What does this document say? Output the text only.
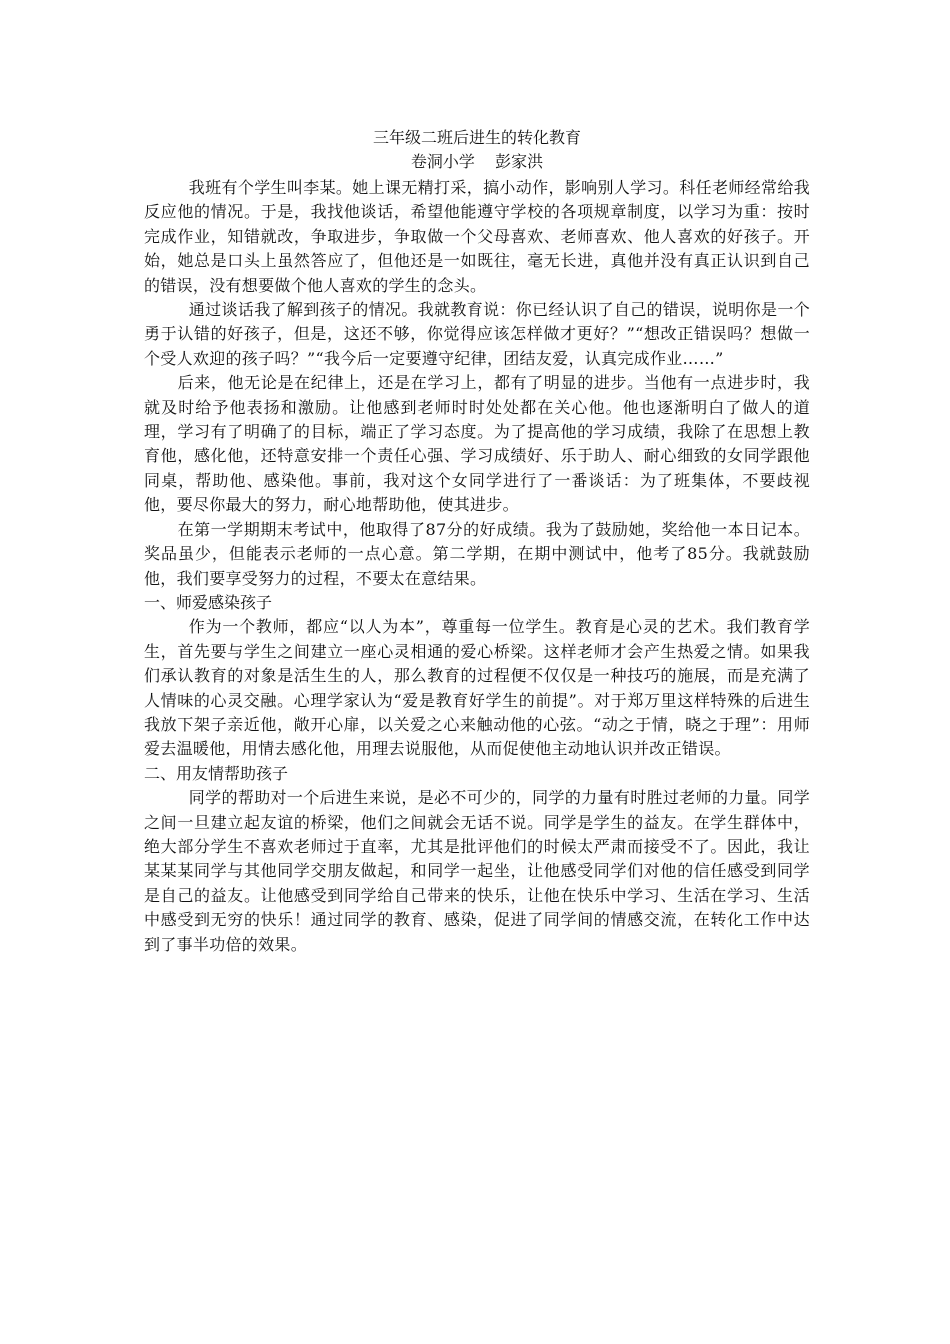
三年级二班后进生的转化教育

卷洞小学    彭家洪

我班有个学生叫李某。她上课无精打采，搞小动作，影响别人学习。科任老师经常给我反应他的情况。于是，我找他谈话，希望他能遵守学校的各项规章制度，以学习为重：按时完成作业，知错就改，争取进步，争取做一个父母喜欢、老师喜欢、他人喜欢的好孩子。开始，她总是口头上虽然答应了，但他还是一如既往，毫无长进，真他并没有真正认识到自己的错误，没有想要做个他人喜欢的学生的念头。

通过谈话我了解到孩子的情况。我就教育说：你已经认识了自己的错误，说明你是一个勇于认错的好孩子，但是，这还不够，你觉得应该怎样做才更好？”“想改正错误吗？想做一个受人欢迎的孩子吗？”“我今后一定要遵守纪律，团结友爱，认真完成作业……”

后来，他无论是在纪律上，还是在学习上，都有了明显的进步。当他有一点进步时，我就及时给予他表扬和激励。让他感到老师时时处处都在关心他。他也逐渐明白了做人的道理，学习有了明确了的目标，端正了学习态度。为了提高他的学习成绩，我除了在思想上教育他，感化他，还特意安排一个责任心强、学习成绩好、乐于助人、耐心细致的女同学跟他同桌，帮助他、感染他。事前，我对这个女同学进行了一番谈话：为了班集体，不要歧视他，要尽你最大的努力，耐心地帮助他，使其进步。

在第一学期期末考试中，他取得了87分的好成绩。我为了鼓励她，奖给他一本日记本。奖品虽少，但能表示老师的一点心意。第二学期，在期中测试中，他考了85分。我就鼓励他，我们要享受努力的过程，不要太在意结果。

一、师爱感染孩子

作为一个教师，都应“以人为本”，尊重每一位学生。教育是心灵的艺术。我们教育学生，首先要与学生之间建立一座心灵相通的爱心桥梁。这样老师才会产生热爱之情。如果我们承认教育的对象是活生生的人，那么教育的过程便不仅仅是一种技巧的施展，而是充满了人情味的心灵交融。心理学家认为“爱是教育好学生的前提”。对于郑万里这样特殊的后进生我放下架子亲近他，敞开心扉，以关爱之心来触动他的心弦。“动之于情，晓之于理”：用师爱去温暖他，用情去感化他，用理去说服他，从而促使他主动地认识并改正错误。

二、用友情帮助孩子

同学的帮助对一个后进生来说，是必不可少的，同学的力量有时胜过老师的力量。同学之间一旦建立起友谊的桥梁，他们之间就会无话不说。同学是学生的益友。在学生群体中，绝大部分学生不喜欢老师过于直率，尤其是批评他们的时候太严肃而接受不了。因此，我让某某某同学与其他同学交朋友做起，和同学一起坐，让他感受同学们对他的信任感受到同学是自己的益友。让他感受到同学给自己带来的快乐，让他在快乐中学习、生活在学习、生活中感受到无穷的快乐！通过同学的教育、感染，促进了同学间的情感交流，在转化工作中达到了事半功倍的效果。
